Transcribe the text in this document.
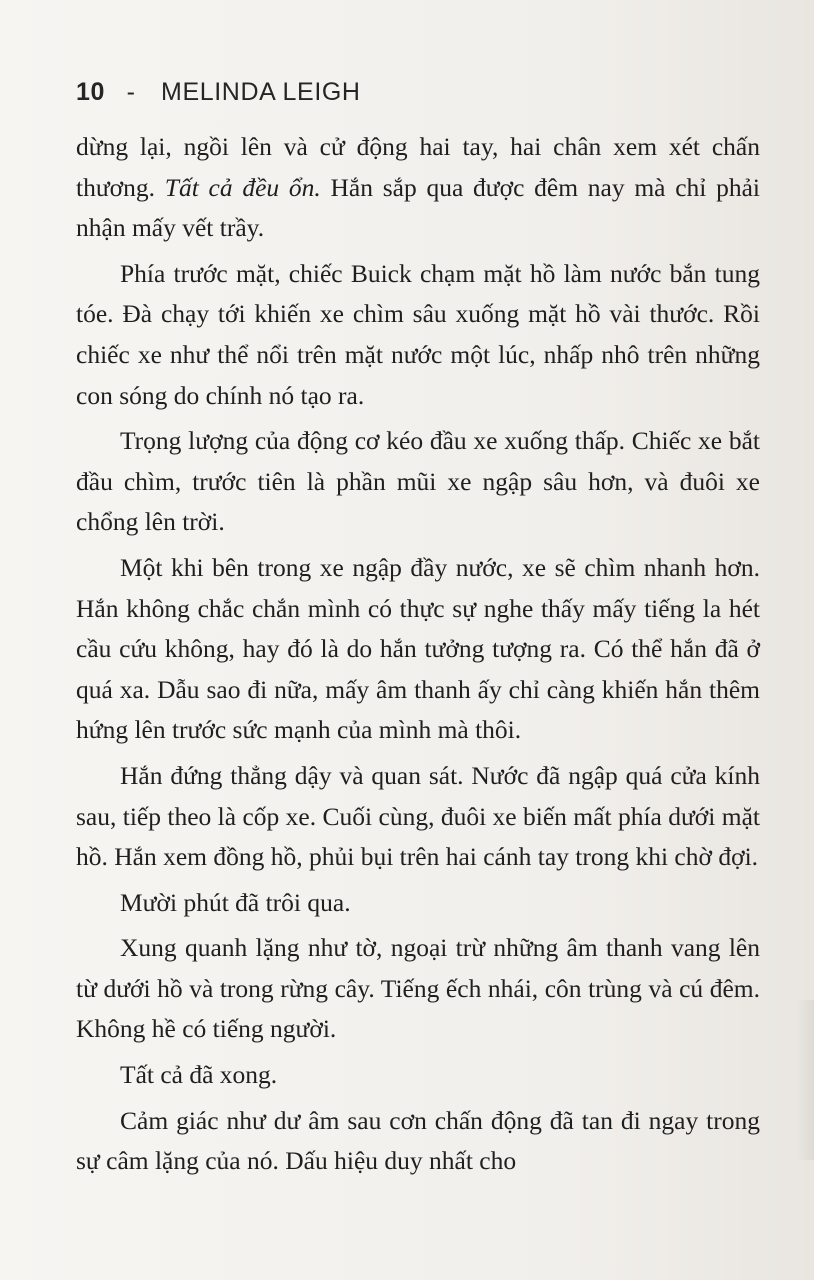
10 - MELINDA LEIGH

dừng lại, ngồi lên và cử động hai tay, hai chân xem xét chấn thương. Tất cả đều ổn. Hắn sắp qua được đêm nay mà chỉ phải nhận mấy vết trầy.

Phía trước mặt, chiếc Buick chạm mặt hồ làm nước bắn tung tóe. Đà chạy tới khiến xe chìm sâu xuống mặt hồ vài thước. Rồi chiếc xe như thể nổi trên mặt nước một lúc, nhấp nhô trên những con sóng do chính nó tạo ra.

Trọng lượng của động cơ kéo đầu xe xuống thấp. Chiếc xe bắt đầu chìm, trước tiên là phần mũi xe ngập sâu hơn, và đuôi xe chổng lên trời.

Một khi bên trong xe ngập đầy nước, xe sẽ chìm nhanh hơn. Hắn không chắc chắn mình có thực sự nghe thấy mấy tiếng la hét cầu cứu không, hay đó là do hắn tưởng tượng ra. Có thể hắn đã ở quá xa. Dẫu sao đi nữa, mấy âm thanh ấy chỉ càng khiến hắn thêm hứng lên trước sức mạnh của mình mà thôi.

Hắn đứng thẳng dậy và quan sát. Nước đã ngập quá cửa kính sau, tiếp theo là cốp xe. Cuối cùng, đuôi xe biến mất phía dưới mặt hồ. Hắn xem đồng hồ, phủi bụi trên hai cánh tay trong khi chờ đợi.

Mười phút đã trôi qua.

Xung quanh lặng như tờ, ngoại trừ những âm thanh vang lên từ dưới hồ và trong rừng cây. Tiếng ếch nhái, côn trùng và cú đêm. Không hề có tiếng người.

Tất cả đã xong.

Cảm giác như dư âm sau cơn chấn động đã tan đi ngay trong sự câm lặng của nó. Dấu hiệu duy nhất cho
